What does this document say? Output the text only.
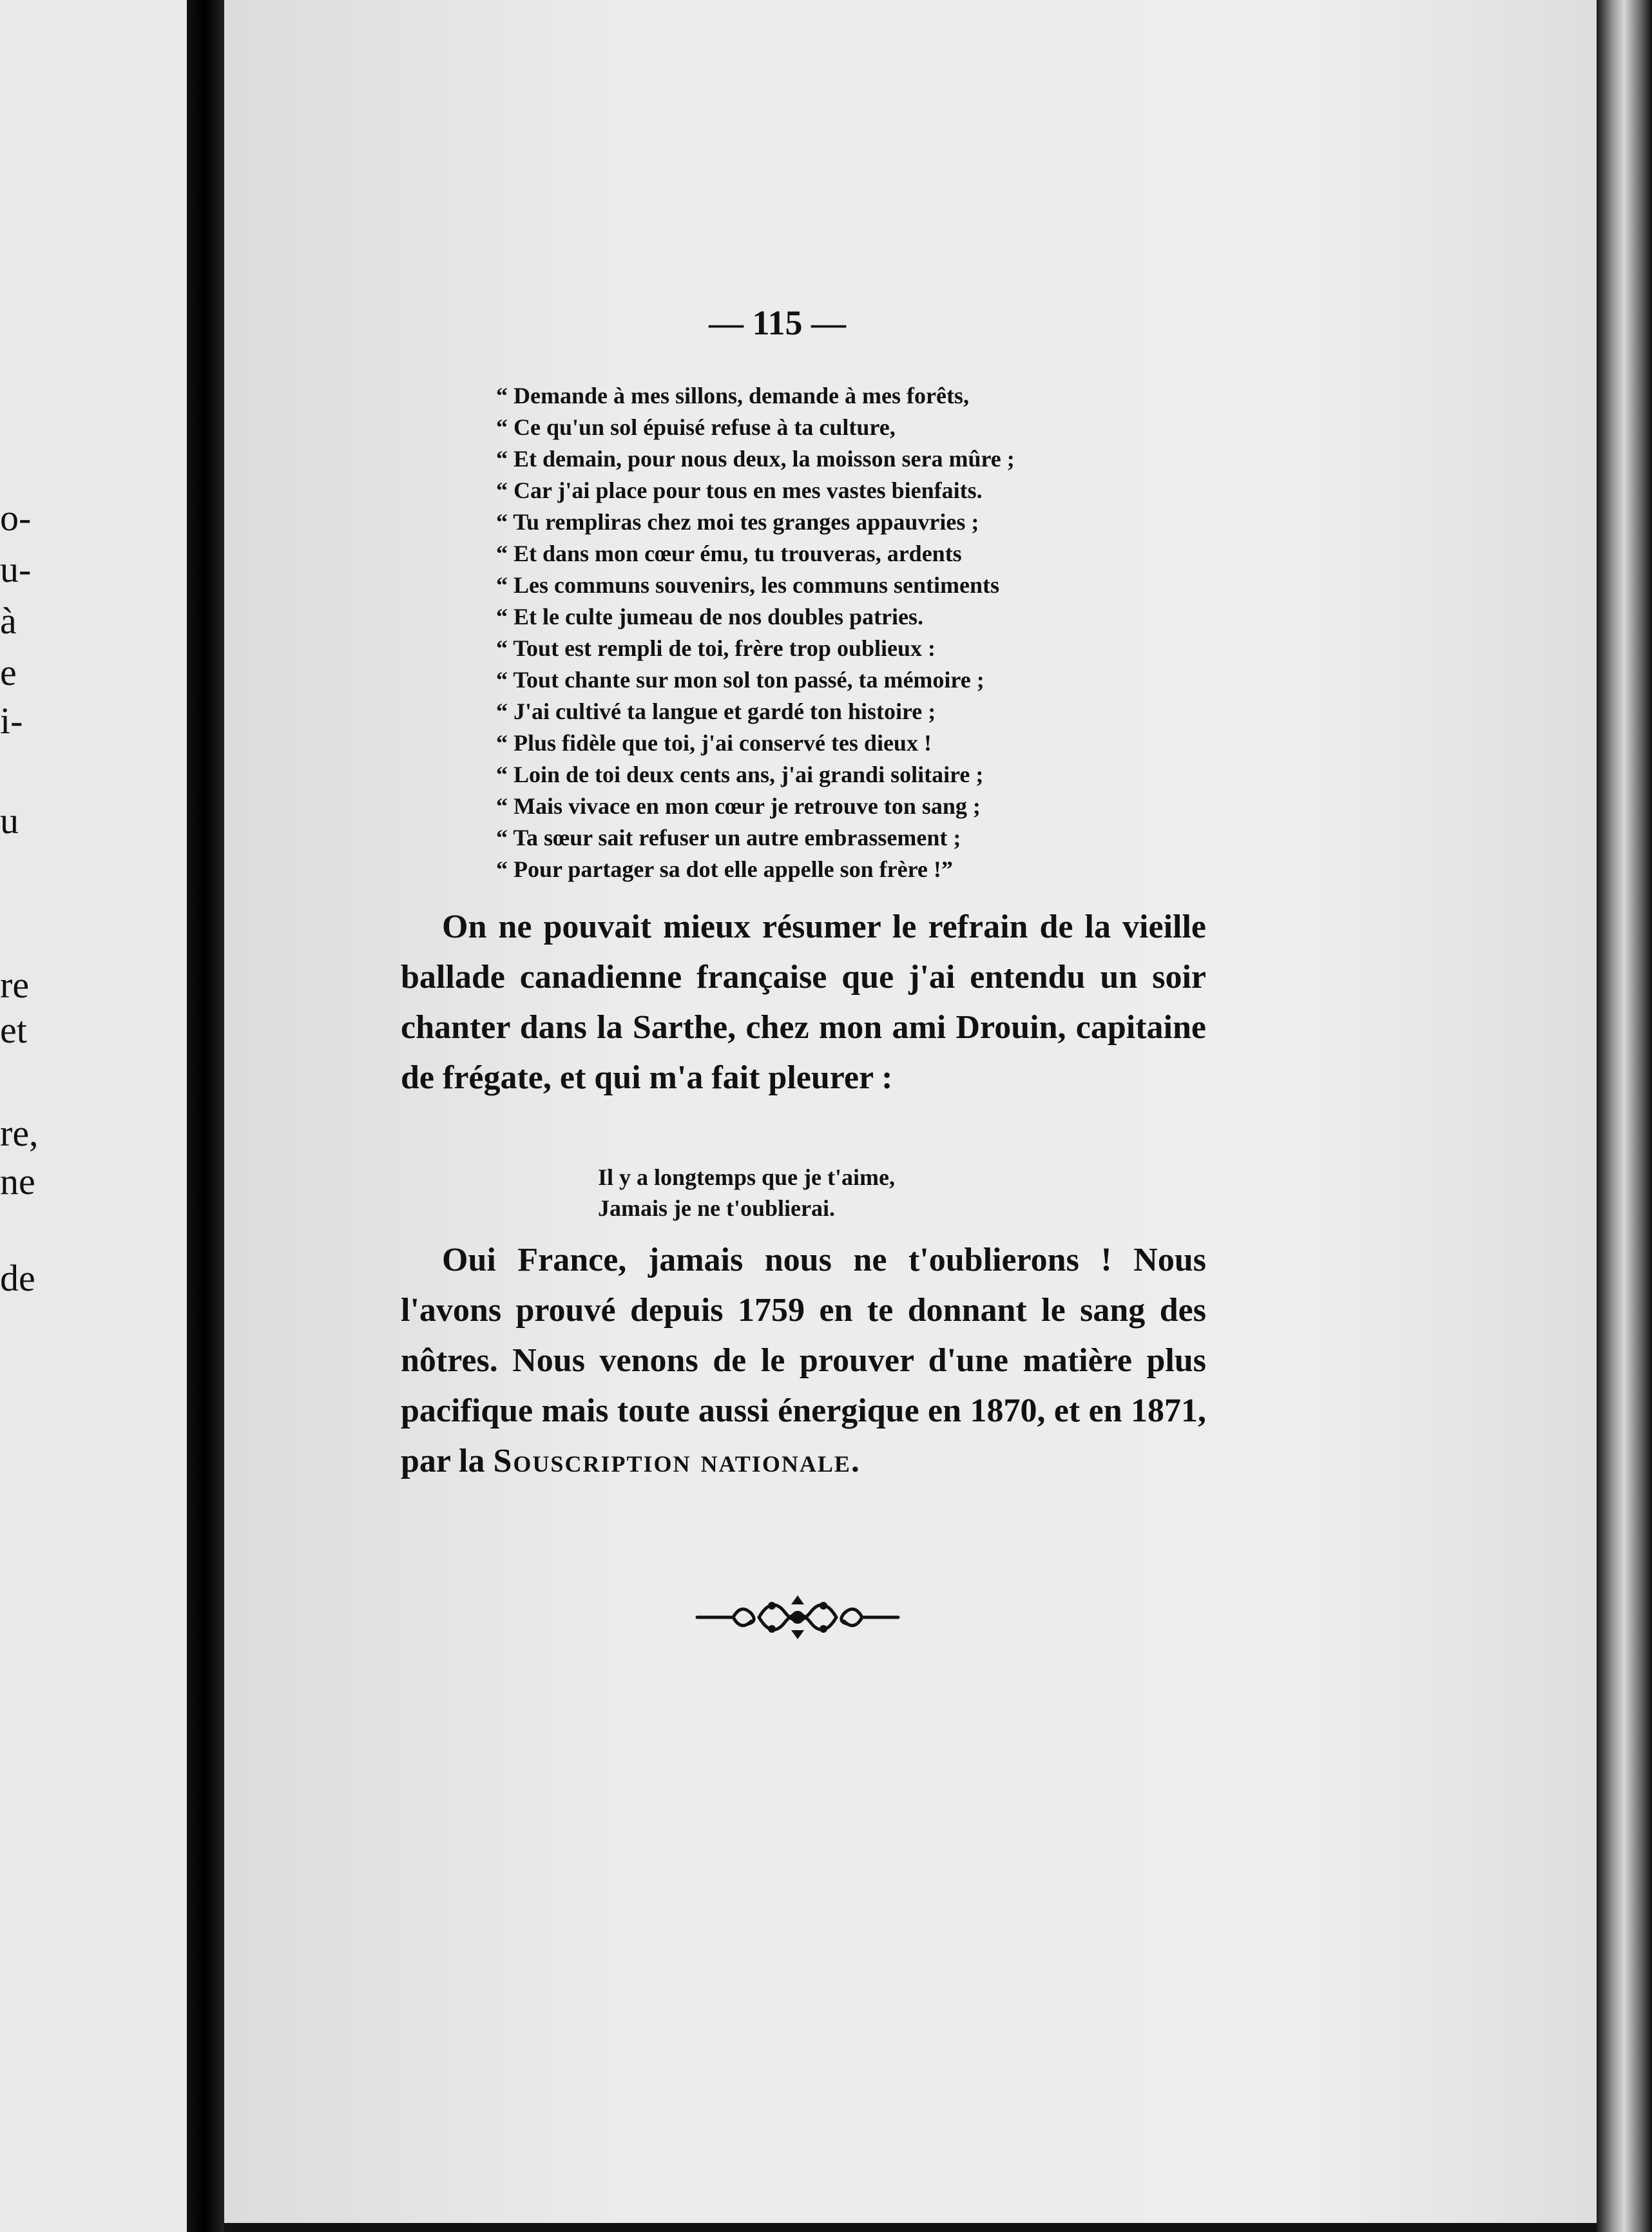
o-
u-
à
e
i-
u
re
et
re,
ne
de
— 115 —
“ Demande à mes sillons, demande à mes forêts,
“ Ce qu'un sol épuisé refuse à ta culture,
“ Et demain, pour nous deux, la moisson sera mûre ;
“ Car j'ai place pour tous en mes vastes bienfaits.
“ Tu rempliras chez moi tes granges appauvries ;
“ Et dans mon cœur ému, tu trouveras, ardents
“ Les communs souvenirs, les communs sentiments
“ Et le culte jumeau de nos doubles patries.
“ Tout est rempli de toi, frère trop oublieux :
“ Tout chante sur mon sol ton passé, ta mémoire ;
“ J'ai cultivé ta langue et gardé ton histoire ;
“ Plus fidèle que toi, j'ai conservé tes dieux !
“ Loin de toi deux cents ans, j'ai grandi solitaire ;
“ Mais vivace en mon cœur je retrouve ton sang ;
“ Ta sœur sait refuser un autre embrassement ;
“ Pour partager sa dot elle appelle son frère !”
On ne pouvait mieux résumer le refrain de la vieille ballade canadienne française que j'ai entendu un soir chanter dans la Sarthe, chez mon ami Drouin, capitaine de frégate, et qui m'a fait pleurer :
Il y a longtemps que je t'aime,
Jamais je ne t'oublierai.
Oui France, jamais nous ne t'oublierons ! Nous l'avons prouvé depuis 1759 en te donnant le sang des nôtres. Nous venons de le prouver d'une matière plus pacifique mais toute aussi énergique en 1870, et en 1871, par la Souscription nationale.
